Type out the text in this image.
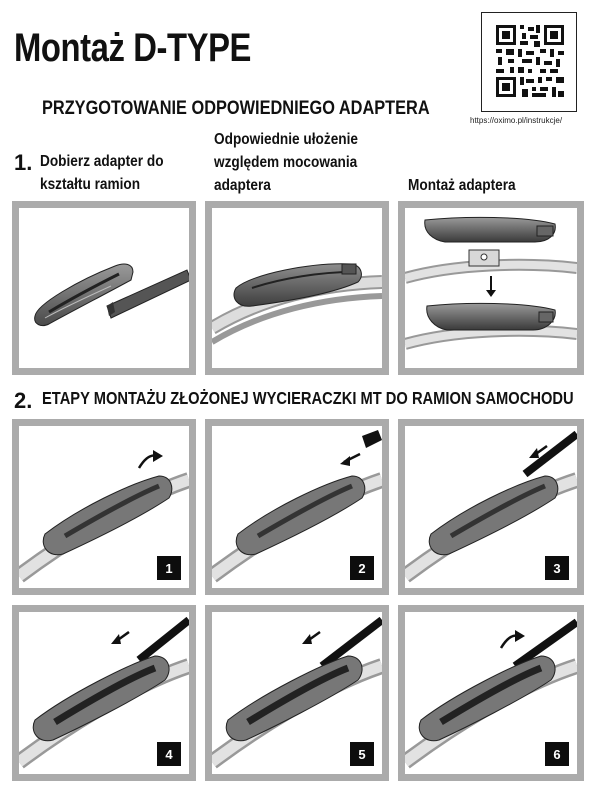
Montaż D-TYPE
https://oximo.pl/instrukcje/
PRZYGOTOWANIE ODPOWIEDNIEGO ADAPTERA
1. Dobierz adapter do
kształtu ramion
Odpowiednie ułożenie
względem mocowania
adaptera	Montaż adaptera
2. ETAPY MONTAŻU ZŁOŻONEJ WYCIERACZKI MT DO RAMION SAMOCHODU
1	2	3
4	5	6
